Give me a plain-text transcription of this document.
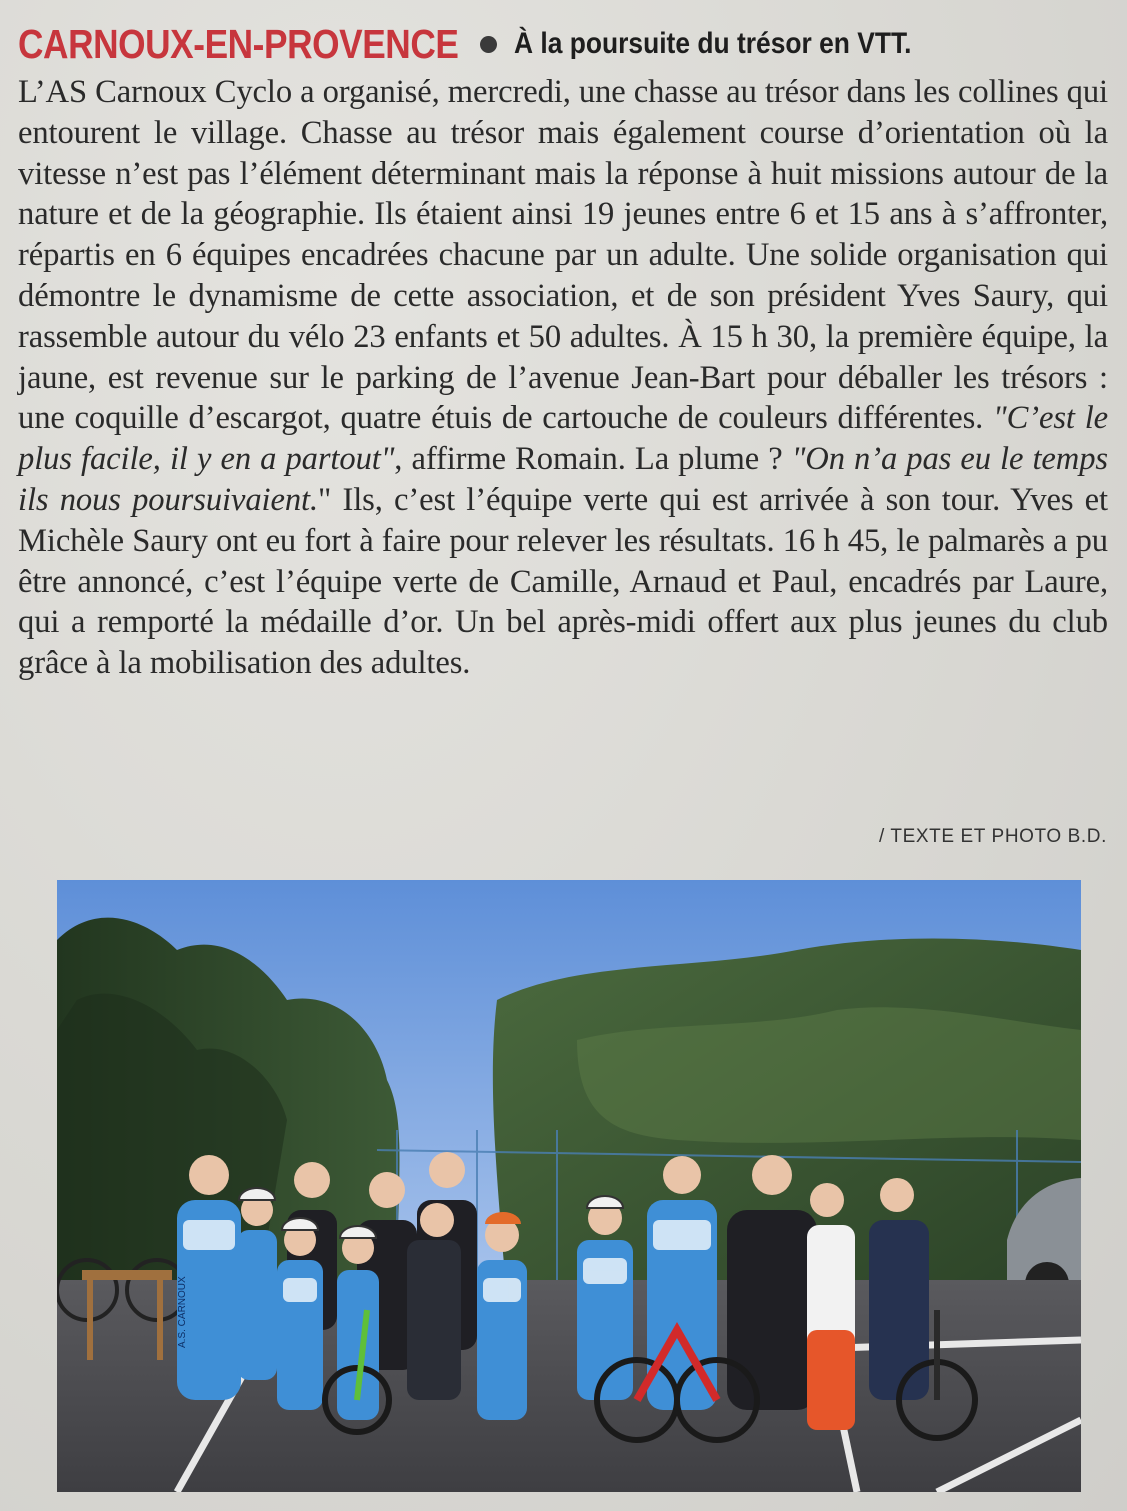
CARNOUX-EN-PROVENCE À la poursuite du trésor en VTT.

L’AS Carnoux Cyclo a organisé, mercredi, une chasse au trésor dans les collines qui entourent le village. Chasse au trésor mais également course d’orientation où la vitesse n’est pas l’élément déterminant mais la réponse à huit missions autour de la nature et de la géographie. Ils étaient ainsi 19 jeunes entre 6 et 15 ans à s’affronter, répartis en 6 équipes encadrées chacune par un adulte. Une solide organisation qui démontre le dynamisme de cette association, et de son président Yves Saury, qui rassemble autour du vélo 23 enfants et 50 adultes. À 15 h 30, la première équipe, la jaune, est revenue sur le parking de l’avenue Jean-Bart pour déballer les trésors : une coquille d’escargot, quatre étuis de cartouche de couleurs différentes. "C’est le plus facile, il y en a partout", affirme Romain. La plume ? "On n’a pas eu le temps ils nous poursuivaient." Ils, c’est l’équipe verte qui est arrivée à son tour. Yves et Michèle Saury ont eu fort à faire pour relever les résultats. 16 h 45, le palmarès a pu être annoncé, c’est l’équipe verte de Camille, Arnaud et Paul, encadrés par Laure, qui a remporté la médaille d’or. Un bel après-midi offert aux plus jeunes du club grâce à la mobilisation des adultes.

/ TEXTE ET PHOTO B.D.
A.S. CARNOUX
